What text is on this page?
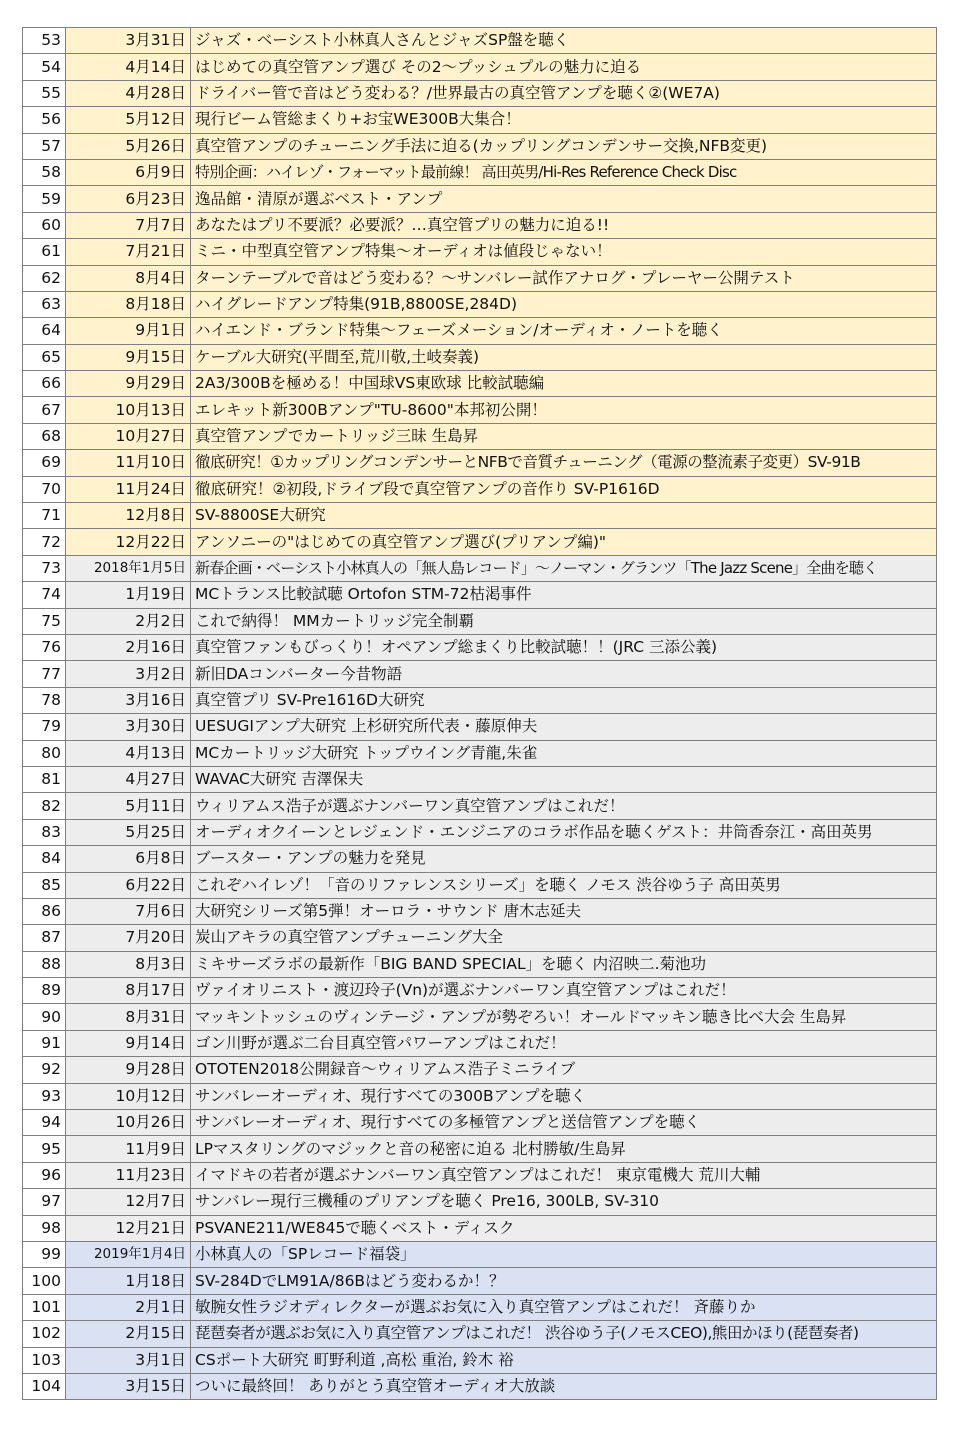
53	3月31日	ジャズ・ベーシスト小林真人さんとジャズSP盤を聴く
54	4月14日	はじめての真空管アンプ選び その2〜プッシュプルの魅力に迫る
55	4月28日	ドライバー管で音はどう変わる？/世界最古の真空管アンプを聴く②(WE7A)
56	5月12日	現行ビーム管総まくり+お宝WE300B大集合！
57	5月26日	真空管アンプのチューニング手法に迫る(カップリングコンデンサー交換,NFB変更)
58	6月9日	特別企画：ハイレゾ・フォーマット最前線！ 高田英男/Hi-Res Reference Check Disc
59	6月23日	逸品館・清原が選ぶベスト・アンプ
60	7月7日	あなたはプリ不要派？必要派？…真空管プリの魅力に迫る!!
61	7月21日	ミニ・中型真空管アンプ特集〜オーディオは値段じゃない！
62	8月4日	ターンテーブルで音はどう変わる？〜サンバレー試作アナログ・プレーヤー公開テスト
63	8月18日	ハイグレードアンプ特集(91B,8800SE,284D)
64	9月1日	ハイエンド・ブランド特集〜フェーズメーション/オーディオ・ノートを聴く
65	9月15日	ケーブル大研究(平間至,荒川敬,土岐奏義)
66	9月29日	2A3/300Bを極める！中国球VS東欧球 比較試聴編
67	10月13日	エレキット新300Bアンプ"TU-8600"本邦初公開！
68	10月27日	真空管アンプでカートリッジ三昧 生島昇
69	11月10日	徹底研究！①カップリングコンデンサーとNFBで音質チューニング（電源の整流素子変更）SV-91B
70	11月24日	徹底研究！②初段,ドライブ段で真空管アンプの音作り SV-P1616D
71	12月8日	SV-8800SE大研究
72	12月22日	アンソニーの"はじめての真空管アンプ選び(プリアンプ編)"
73	2018年1月5日	新春企画・ベーシスト小林真人の「無人島レコード」〜ノーマン・グランツ「The Jazz Scene」全曲を聴く
74	1月19日	MCトランス比較試聴 Ortofon STM-72枯渇事件
75	2月2日	これで納得！ MMカートリッジ完全制覇
76	2月16日	真空管ファンもびっくり！オペアンプ総まくり比較試聴！！(JRC 三添公義)
77	3月2日	新旧DAコンバーター今昔物語
78	3月16日	真空管プリ SV-Pre1616D大研究
79	3月30日	UESUGIアンプ大研究 上杉研究所代表・藤原伸夫
80	4月13日	MCカートリッジ大研究 トップウイング青龍,朱雀
81	4月27日	WAVAC大研究 吉澤保夫
82	5月11日	ウィリアムス浩子が選ぶナンバーワン真空管アンプはこれだ！
83	5月25日	オーディオクイーンとレジェンド・エンジニアのコラボ作品を聴くゲスト：井筒香奈江・高田英男
84	6月8日	ブースター・アンプの魅力を発見
85	6月22日	これぞハイレゾ！「音のリファレンスシリーズ」を聴く ノモス 渋谷ゆう子 高田英男
86	7月6日	大研究シリーズ第5弾！オーロラ・サウンド 唐木志延夫
87	7月20日	炭山アキラの真空管アンプチューニング大全
88	8月3日	ミキサーズラボの最新作「BIG BAND SPECIAL」を聴く 内沼映二.菊池功
89	8月17日	ヴァイオリニスト・渡辺玲子(Vn)が選ぶナンバーワン真空管アンプはこれだ！
90	8月31日	マッキントッシュのヴィンテージ・アンプが勢ぞろい！オールドマッキン聴き比べ大会 生島昇
91	9月14日	ゴン川野が選ぶ二台目真空管パワーアンプはこれだ！
92	9月28日	OTOTEN2018公開録音〜ウィリアムス浩子ミニライブ
93	10月12日	サンバレーオーディオ、現行すべての300Bアンプを聴く
94	10月26日	サンバレーオーディオ、現行すべての多極管アンプと送信管アンプを聴く
95	11月9日	LPマスタリングのマジックと音の秘密に迫る 北村勝敏/生島昇
96	11月23日	イマドキの若者が選ぶナンバーワン真空管アンプはこれだ！ 東京電機大 荒川大輔
97	12月7日	サンバレー現行三機種のプリアンプを聴く Pre16, 300LB, SV-310
98	12月21日	PSVANE211/WE845で聴くベスト・ディスク
99	2019年1月4日	小林真人の「SPレコード福袋」
100	1月18日	SV-284DでLM91A/86Bはどう変わるか！？
101	2月1日	敏腕女性ラジオディレクターが選ぶお気に入り真空管アンプはこれだ！ 斉藤りか
102	2月15日	琵琶奏者が選ぶお気に入り真空管アンプはこれだ！ 渋谷ゆう子(ノモスCEO),熊田かほり(琵琶奏者)
103	3月1日	CSポート大研究 町野利道 ,高松 重治, 鈴木 裕
104	3月15日	ついに最終回！ ありがとう真空管オーディオ大放談
